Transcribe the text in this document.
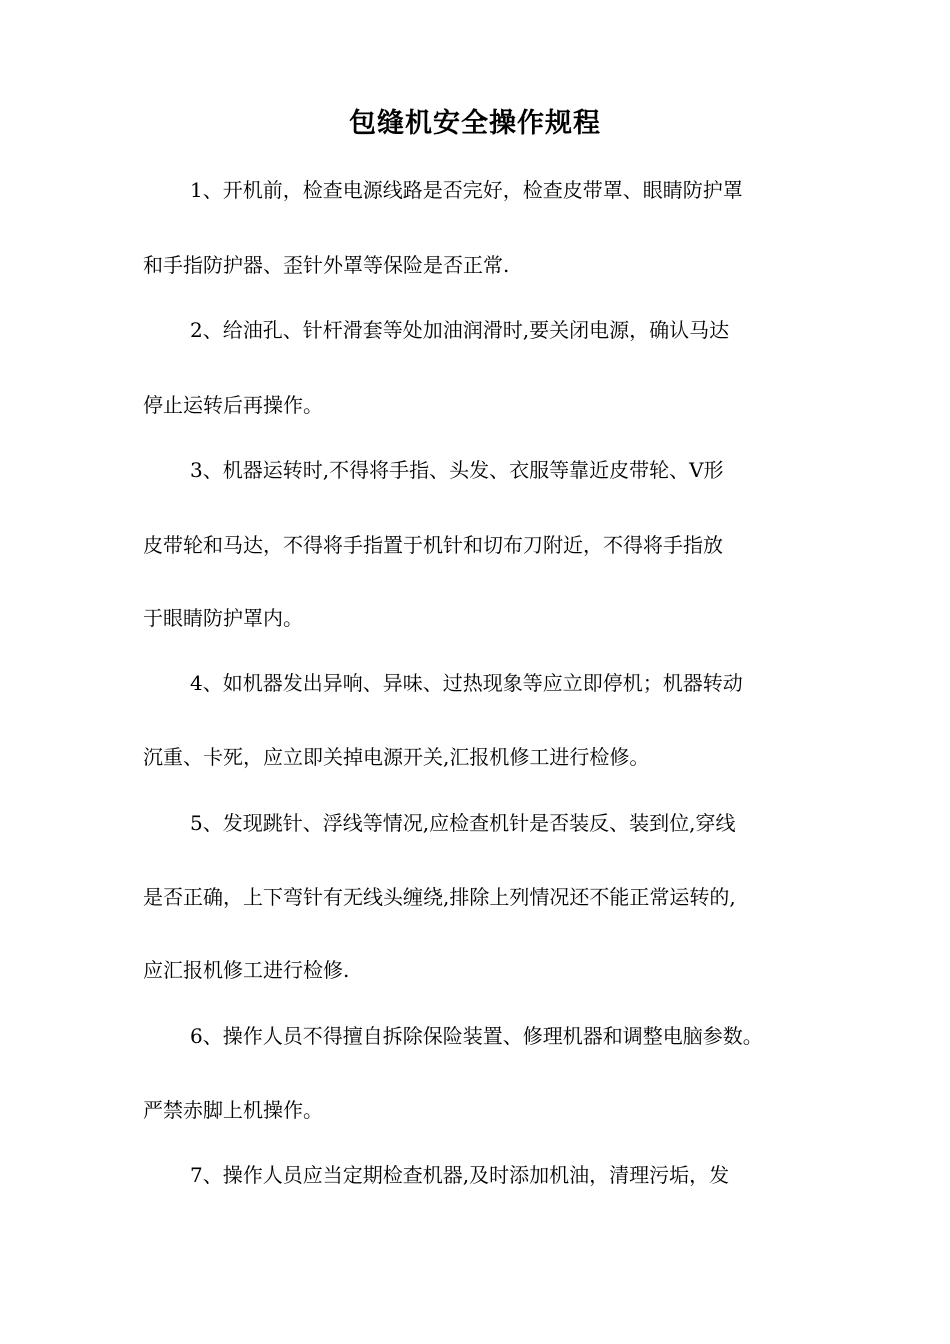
包缝机安全操作规程
1、开机前，检查电源线路是否完好，检查皮带罩、眼睛防护罩
和手指防护器、歪针外罩等保险是否正常.
2、给油孔、针杆滑套等处加油润滑时,要关闭电源，确认马达
停止运转后再操作。
3、机器运转时,不得将手指、头发、衣服等靠近皮带轮、V形
皮带轮和马达，不得将手指置于机针和切布刀附近，不得将手指放
于眼睛防护罩内。
4、如机器发出异响、异味、过热现象等应立即停机；机器转动
沉重、卡死，应立即关掉电源开关,汇报机修工进行检修。
5、发现跳针、浮线等情况,应检查机针是否装反、装到位,穿线
是否正确，上下弯针有无线头缠绕,排除上列情况还不能正常运转的,
应汇报机修工进行检修.
6、操作人员不得擅自拆除保险装置、修理机器和调整电脑参数。
严禁赤脚上机操作。
7、操作人员应当定期检查机器,及时添加机油，清理污垢，发
